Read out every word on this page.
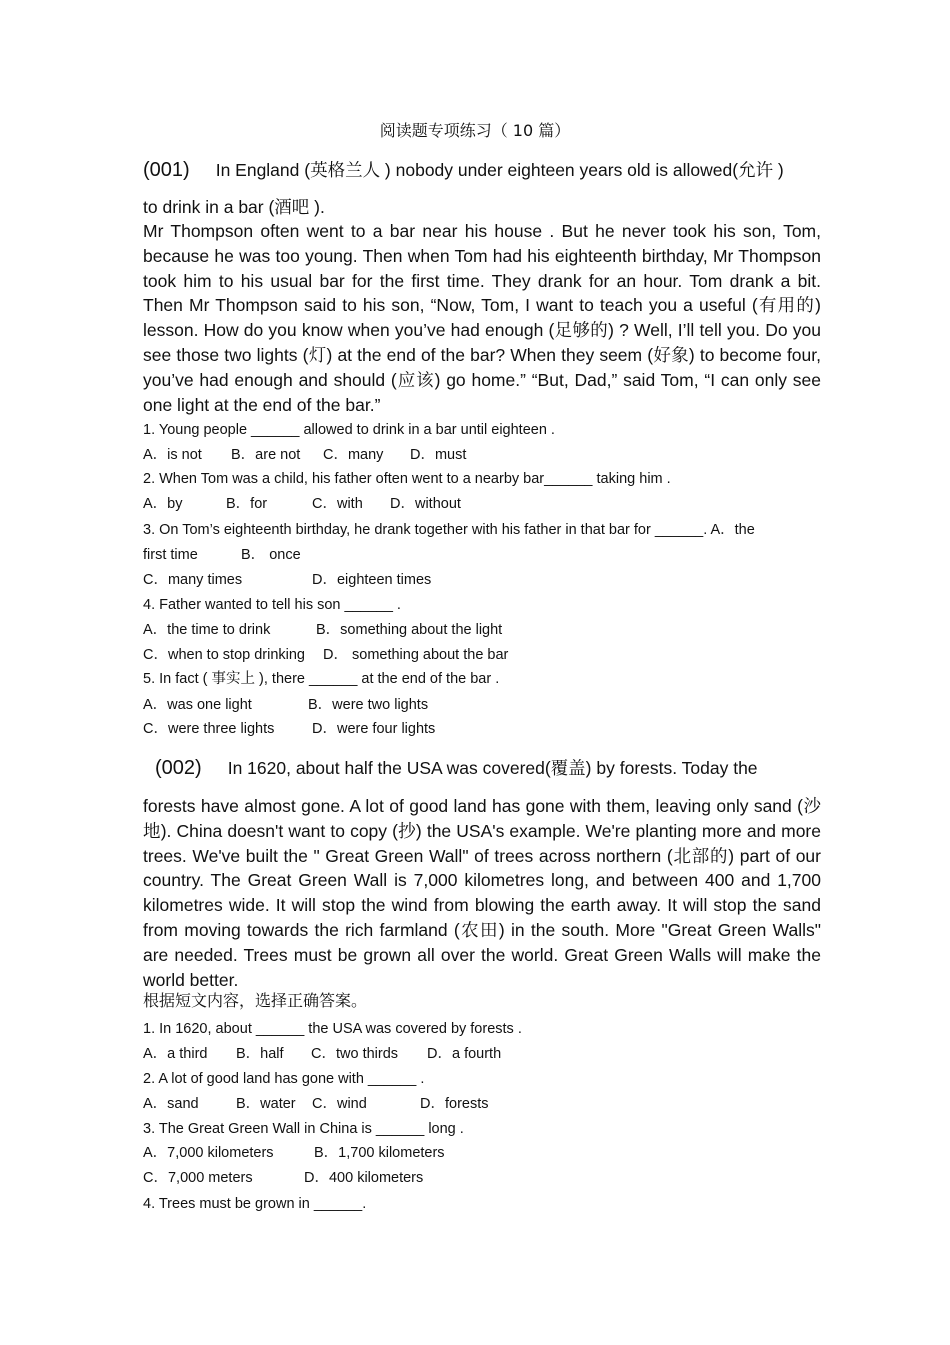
阅读题专项练习（ 10 篇）
(001) In England (英格兰人 ) nobody under eighteen years old is allowed(允许 )
to drink in a bar (酒吧 ).

Mr Thompson often went to a bar near his house . But he never took his son, Tom, because he was too young. Then when Tom had his eighteenth birthday, Mr Thompson took him to his usual bar for the first time. They drank for an hour. Tom drank a bit. Then Mr Thompson said to his son, “Now, Tom, I want to teach you a useful (有用的) lesson. How do you know when you’ve had enough (足够的) ? Well, I’ll tell you. Do you see those two lights (灯) at the end of the bar? When they seem (好象) to become four, you’ve had enough and should (应该) go home.” “But, Dad,” said Tom, “I can only see one light at the end of the bar.”

1. Young people ______ allowed to drink in a bar until eighteen .
A．is not B．are not C．many D．must
2. When Tom was a child, his father often went to a nearby bar______ taking him .
A．by	B．for	C．with D．without
3. On Tom’s eighteenth birthday, he drank together with his father in that bar for ______. A．the
first time	B． once
C．many times	D．eighteen times
4. Father wanted to tell his son ______ .
A．the time to drink	B．something about the light
C．when to stop drinking D． something about the bar
5. In fact ( 事实上 ), there ______ at the end of the bar .
A．was one light	B．were two lights
C．were three lights	D．were four lights
(002) In 1620, about half the USA was covered(覆盖) by forests. Today the

forests have almost gone. A lot of good land has gone with them, leaving only sand (沙地). China doesn't want to copy (抄) the USA's example. We're planting more and more trees. We've built the " Great Green Wall" of trees across northern (北部的) part of our country. The Great Green Wall is 7,000 kilometres long, and between 400 and 1,700 kilometres wide. It will stop the wind from blowing the earth away. It will stop the sand from moving towards the rich farmland (农田) in the south. More "Great Green Walls" are needed. Trees must be grown all over the world. Great Green Walls will make the world better.

根据短文内容，选择正确答案。
1. In 1620, about ______ the USA was covered by forests .
A．a third B．half C．two thirds D．a fourth
2. A lot of good land has gone with ______ .
A．sand	B．water C．wind	D．forests
3. The Great Green Wall in China is ______ long .
A．7,000 kilometers	B．1,700 kilometers
C．7,000 meters	D．400 kilometers
4. Trees must be grown in ______.
